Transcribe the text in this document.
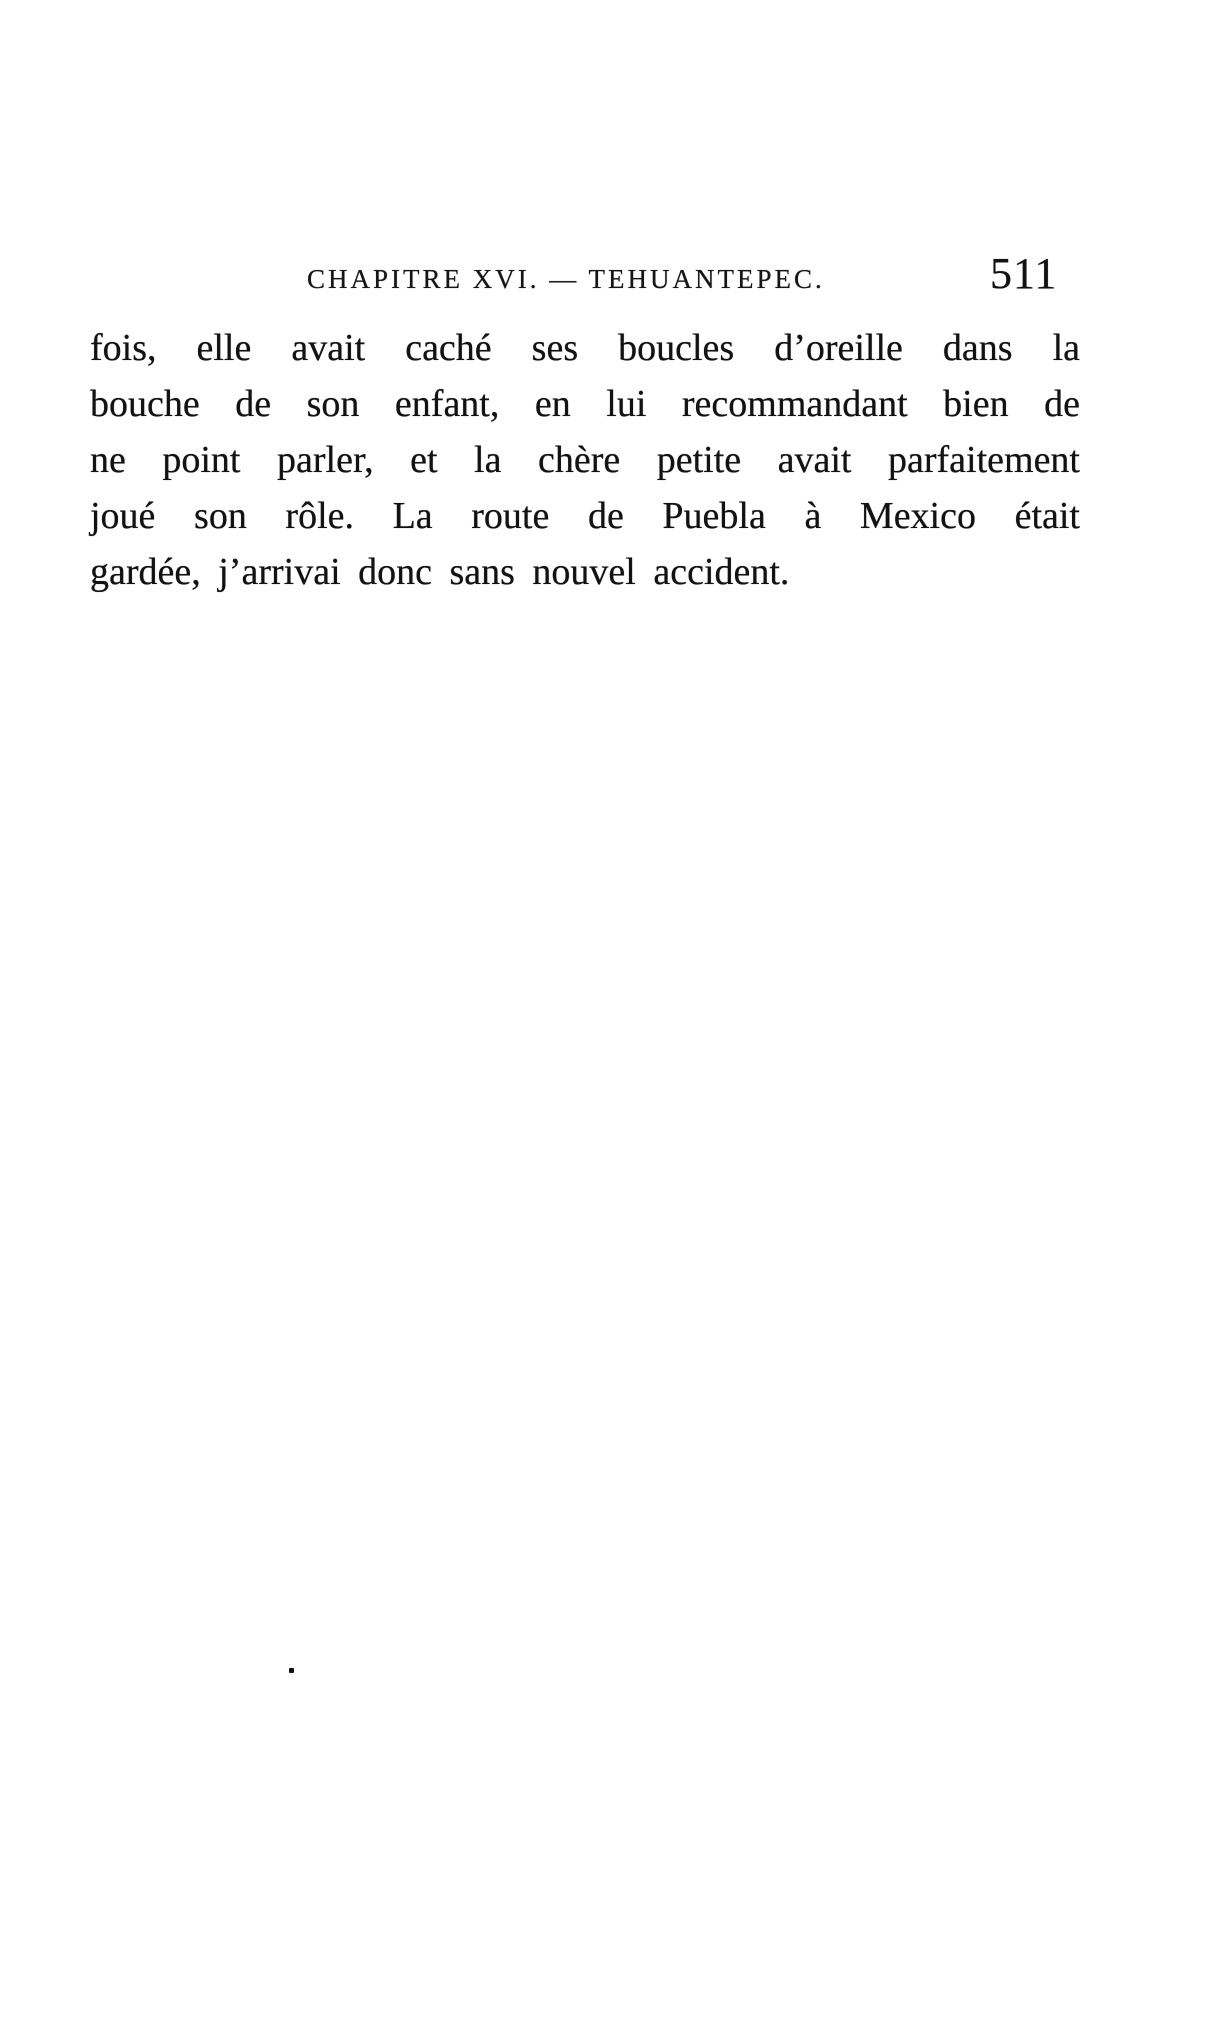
CHAPITRE XVI. — TEHUANTEPEC.	511
fois, elle avait caché ses boucles d’oreille dans la
bouche de son enfant, en lui recommandant bien de
ne point parler, et la chère petite avait parfaitement
joué son rôle. La route de Puebla à Mexico était
gardée, j’arrivai donc sans nouvel accident.
